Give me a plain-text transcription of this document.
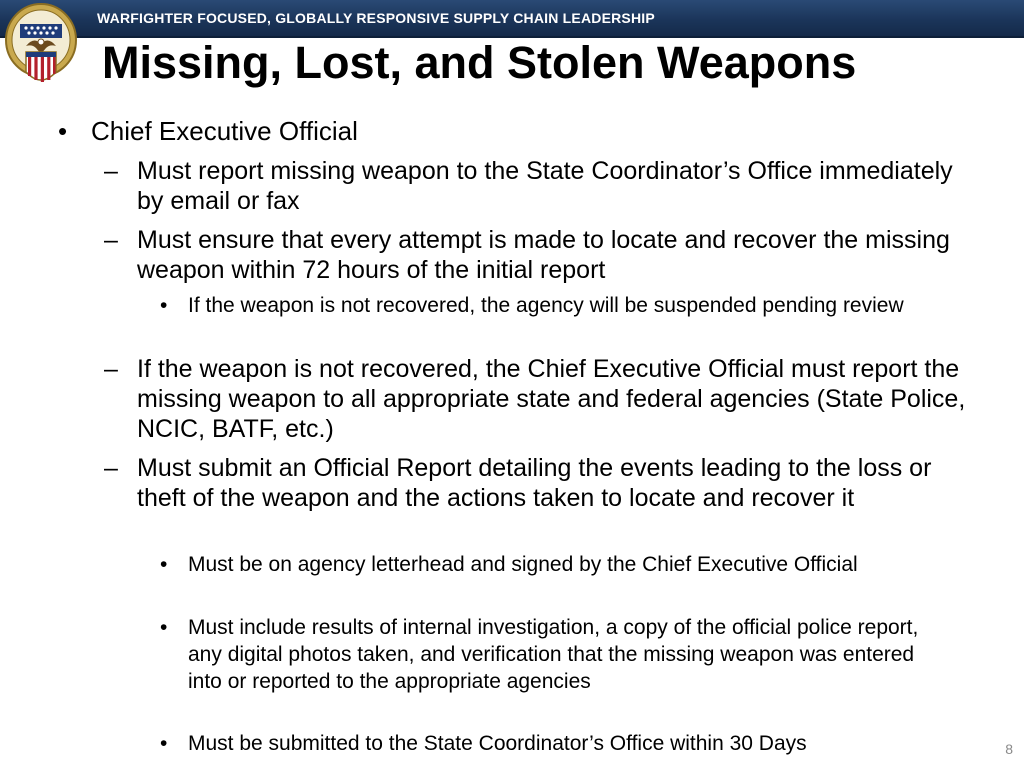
WARFIGHTER FOCUSED, GLOBALLY RESPONSIVE SUPPLY CHAIN LEADERSHIP
Missing, Lost, and Stolen Weapons
• Chief Executive Official

– Must report missing weapon to the State Coordinator’s Office immediately by email or fax

– Must ensure that every attempt is made to locate and recover the missing weapon within 72 hours of the initial report

• If the weapon is not recovered, the agency will be suspended pending review

– If the weapon is not recovered, the Chief Executive Official must report the missing weapon to all appropriate state and federal agencies (State Police, NCIC, BATF, etc.)

– Must submit an Official Report detailing the events leading to the loss or theft of the weapon and the actions taken to locate and recover it

• Must be on agency letterhead and signed by the Chief Executive Official

• Must include results of internal investigation, a copy of the official police report, any digital photos taken, and verification that the missing weapon was entered into or reported to the appropriate agencies

• Must be submitted to the State Coordinator’s Office within 30 Days	8
